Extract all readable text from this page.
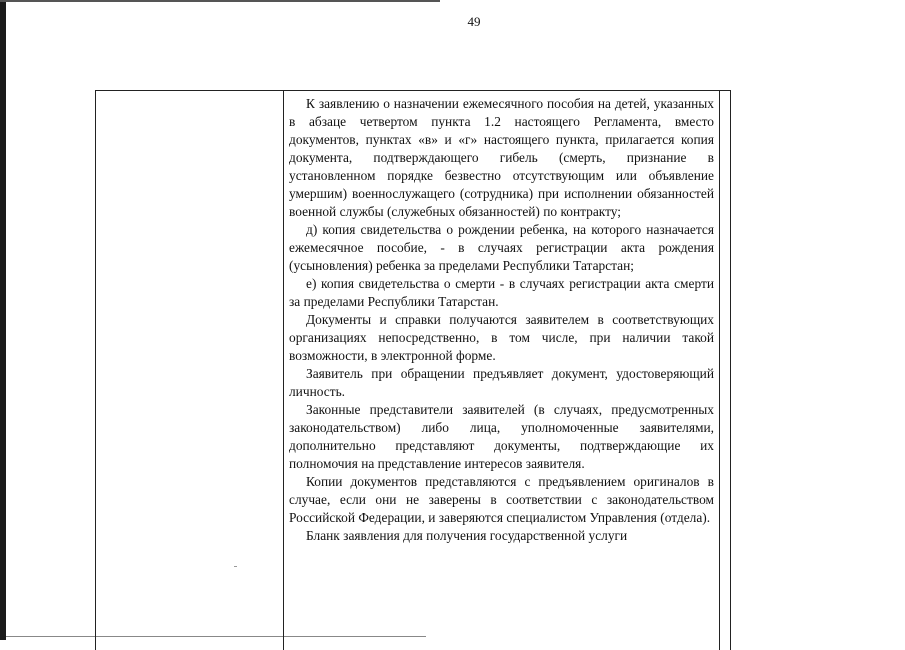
49

К заявлению о назначении ежемесячного пособия на детей, указанных в абзаце четвертом пункта 1.2 настоящего Регламента, вместо документов, пунктах «в» и «г» настоящего пункта, прилагается копия документа, подтверждающего гибель (смерть, признание в установленном порядке безвестно отсутствующим или объявление умершим) военнослужащего (сотрудника) при исполнении обязанностей военной службы (служебных обязанностей) по контракту;

д) копия свидетельства о рождении ребенка, на которого назначается ежемесячное пособие, - в случаях регистрации акта рождения (усыновления) ребенка за пределами Республики Татарстан;

е) копия свидетельства о смерти - в случаях регистрации акта смерти за пределами Республики Татарстан.

Документы и справки получаются заявителем в соответствующих организациях непосредственно, в том числе, при наличии такой возможности, в электронной форме.

Заявитель при обращении предъявляет документ, удостоверяющий личность.

Законные представители заявителей (в случаях, предусмотренных законодательством) либо лица, уполномоченные заявителями, дополнительно представляют документы, подтверждающие их полномочия на представление интересов заявителя.

Копии документов представляются с предъявлением оригиналов в случае, если они не заверены в соответствии с законодательством Российской Федерации, и заверяются специалистом Управления (отдела).

Бланк заявления для получения государственной услуги
